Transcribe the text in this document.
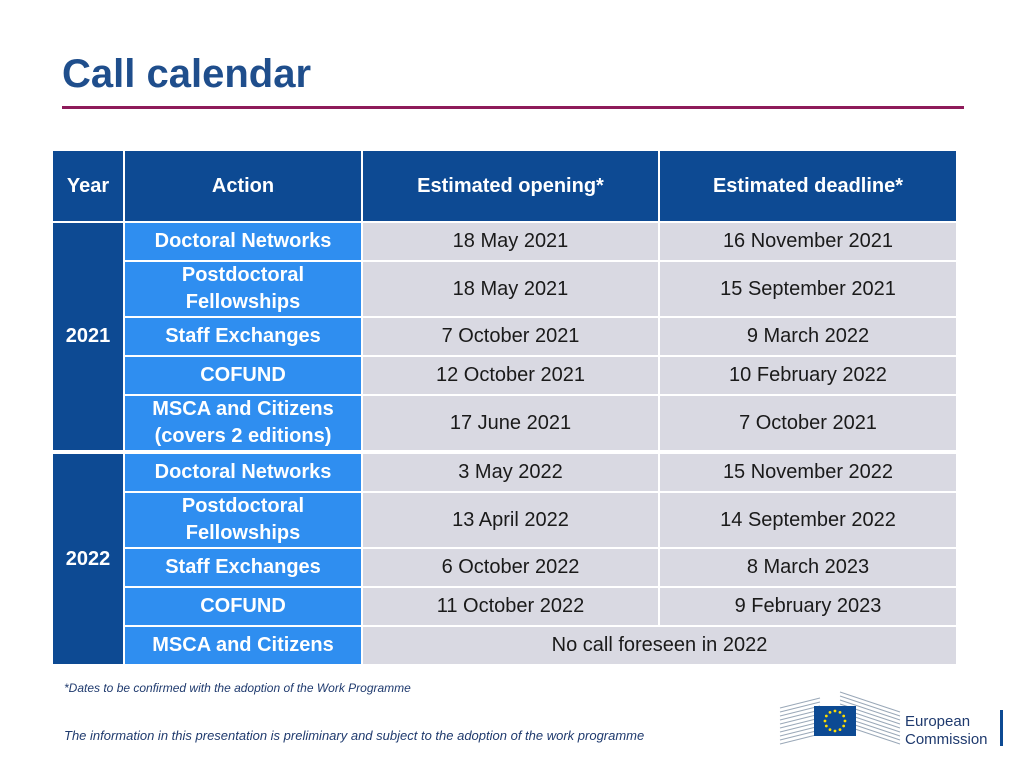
Call calendar
Year	Action	Estimated opening*	Estimated deadline*
2021	Doctoral Networks	18 May 2021	16 November 2021
	Postdoctoral Fellowships	18 May 2021	15 September 2021
	Staff Exchanges	7 October 2021	9 March 2022
	COFUND	12 October 2021	10 February 2022
	MSCA and Citizens (covers 2 editions)	17 June 2021	7 October 2021
2022	Doctoral Networks	3 May 2022	15 November 2022
	Postdoctoral Fellowships	13 April 2022	14 September 2022
	Staff Exchanges	6 October 2022	8 March 2023
	COFUND	11 October 2022	9 February 2023
	MSCA and Citizens	No call foreseen in 2022	
*Dates to be confirmed with the adoption of the Work Programme
The information in this presentation is preliminary and subject to the adoption of the work programme
European
Commission
